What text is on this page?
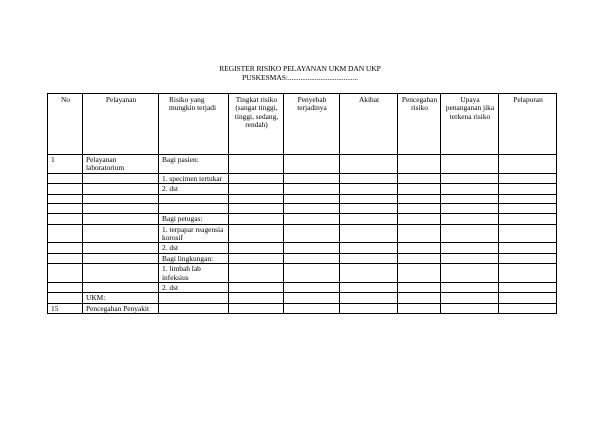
REGISTER RISIKO PELAYANAN UKM DAN UKP
PUSKESMAS:.......................................
No	Pelayanan	Risiko yang mungkin terjadi	Tingkat risiko (sangat tinggi, tinggi, sedang, rendah)	Penyebab terjadinya	Akibat	Pencegahan risiko	Upaya penanganan jika terkena risiko	Pelaporan
1	Pelayanan laboratorium	Bagi pasien:						
		1. specimen tertukar						
		2. dst						

		Bagi petugas:						
		1. terpapar reagensia korosif						
		2. dst						
		Bagi lingkungan:						
		1. limbah lab infeksius						
		2. dst						
	UKM:							
15	Pencegahan Penyakit							
